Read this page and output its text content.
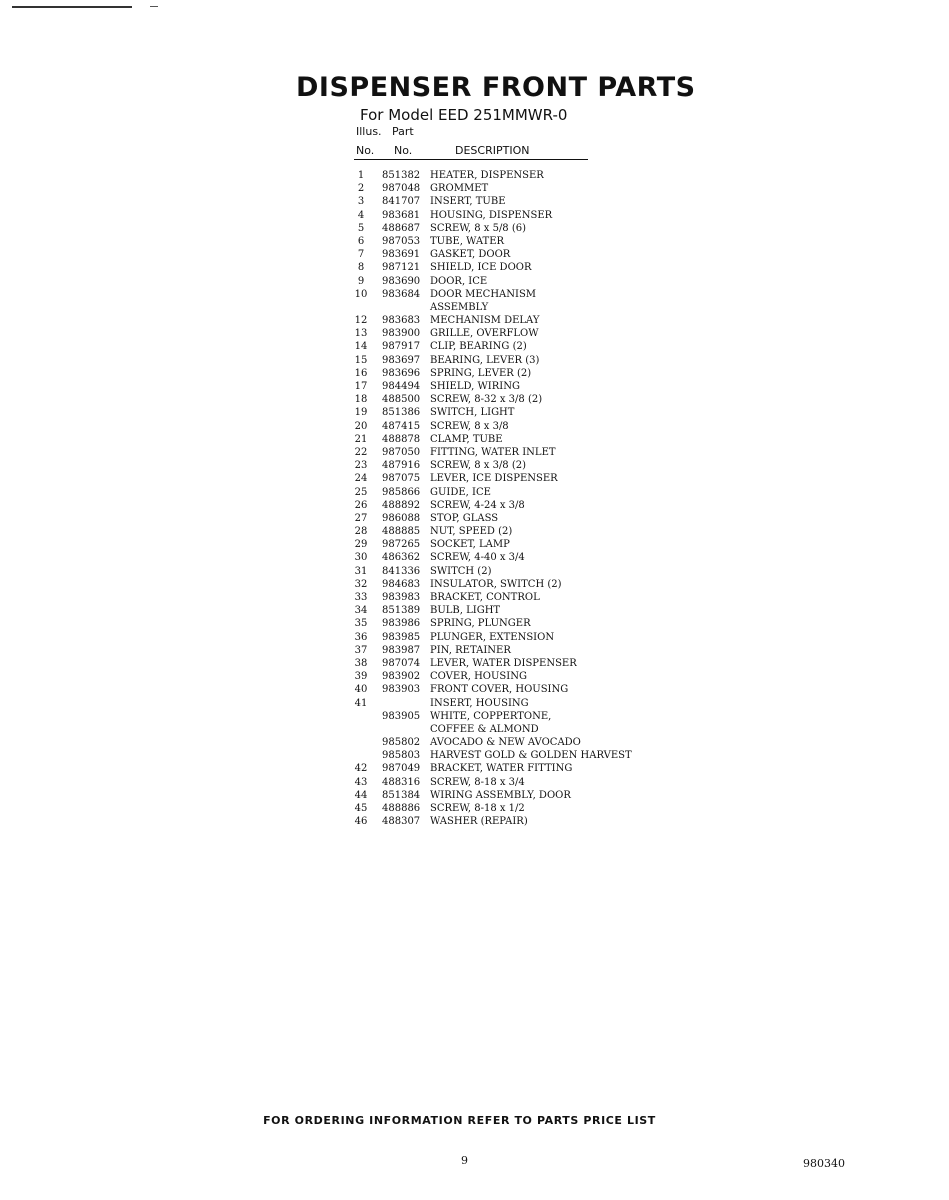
DISPENSER FRONT PARTS
For Model EED 251MMWR-0
Illus. Part
No. No.	DESCRIPTION
1	851382 HEATER, DISPENSER
2	987048 GROMMET
3	841707 INSERT, TUBE
4	983681 HOUSING, DISPENSER
5	488687 SCREW, 8 x 5/8 (6)
6	987053 TUBE, WATER
7	983691 GASKET, DOOR
8	987121 SHIELD, ICE DOOR
9	983690 DOOR, ICE
10	983684 DOOR MECHANISM
ASSEMBLY
12	983683 MECHANISM DELAY
13	983900 GRILLE, OVERFLOW
14	987917 CLIP, BEARING (2)
15	983697 BEARING, LEVER (3)
16	983696 SPRING, LEVER (2)
17	984494 SHIELD, WIRING
18	488500 SCREW, 8-32 x 3/8 (2)
19	851386 SWITCH, LIGHT
20	487415 SCREW, 8 x 3/8
21	488878 CLAMP, TUBE
22	987050 FITTING, WATER INLET
23	487916 SCREW, 8 x 3/8 (2)
24	987075 LEVER, ICE DISPENSER
25	985866 GUIDE, ICE
26	488892 SCREW, 4-24 x 3/8
27	986088 STOP, GLASS
28	488885 NUT, SPEED (2)
29	987265 SOCKET, LAMP
30	486362 SCREW, 4-40 x 3/4
31	841336 SWITCH (2)
32	984683 INSULATOR, SWITCH (2)
33	983983 BRACKET, CONTROL
34	851389 BULB, LIGHT
35	983986 SPRING, PLUNGER
36	983985 PLUNGER, EXTENSION
37	983987 PIN, RETAINER
38	987074 LEVER, WATER DISPENSER
39	983902 COVER, HOUSING
40	983903 FRONT COVER, HOUSING
41	INSERT, HOUSING
983905 WHITE, COPPERTONE,
COFFEE & ALMOND
985802 AVOCADO & NEW AVOCADO
985803 HARVEST GOLD & GOLDEN HARVEST
42	987049 BRACKET, WATER FITTING
43	488316 SCREW, 8-18 x 3/4
44	851384 WIRING ASSEMBLY, DOOR
45	488886 SCREW, 8-18 x 1/2
46	488307 WASHER (REPAIR)
FOR ORDERING INFORMATION REFER TO PARTS PRICE LIST
9	980340
